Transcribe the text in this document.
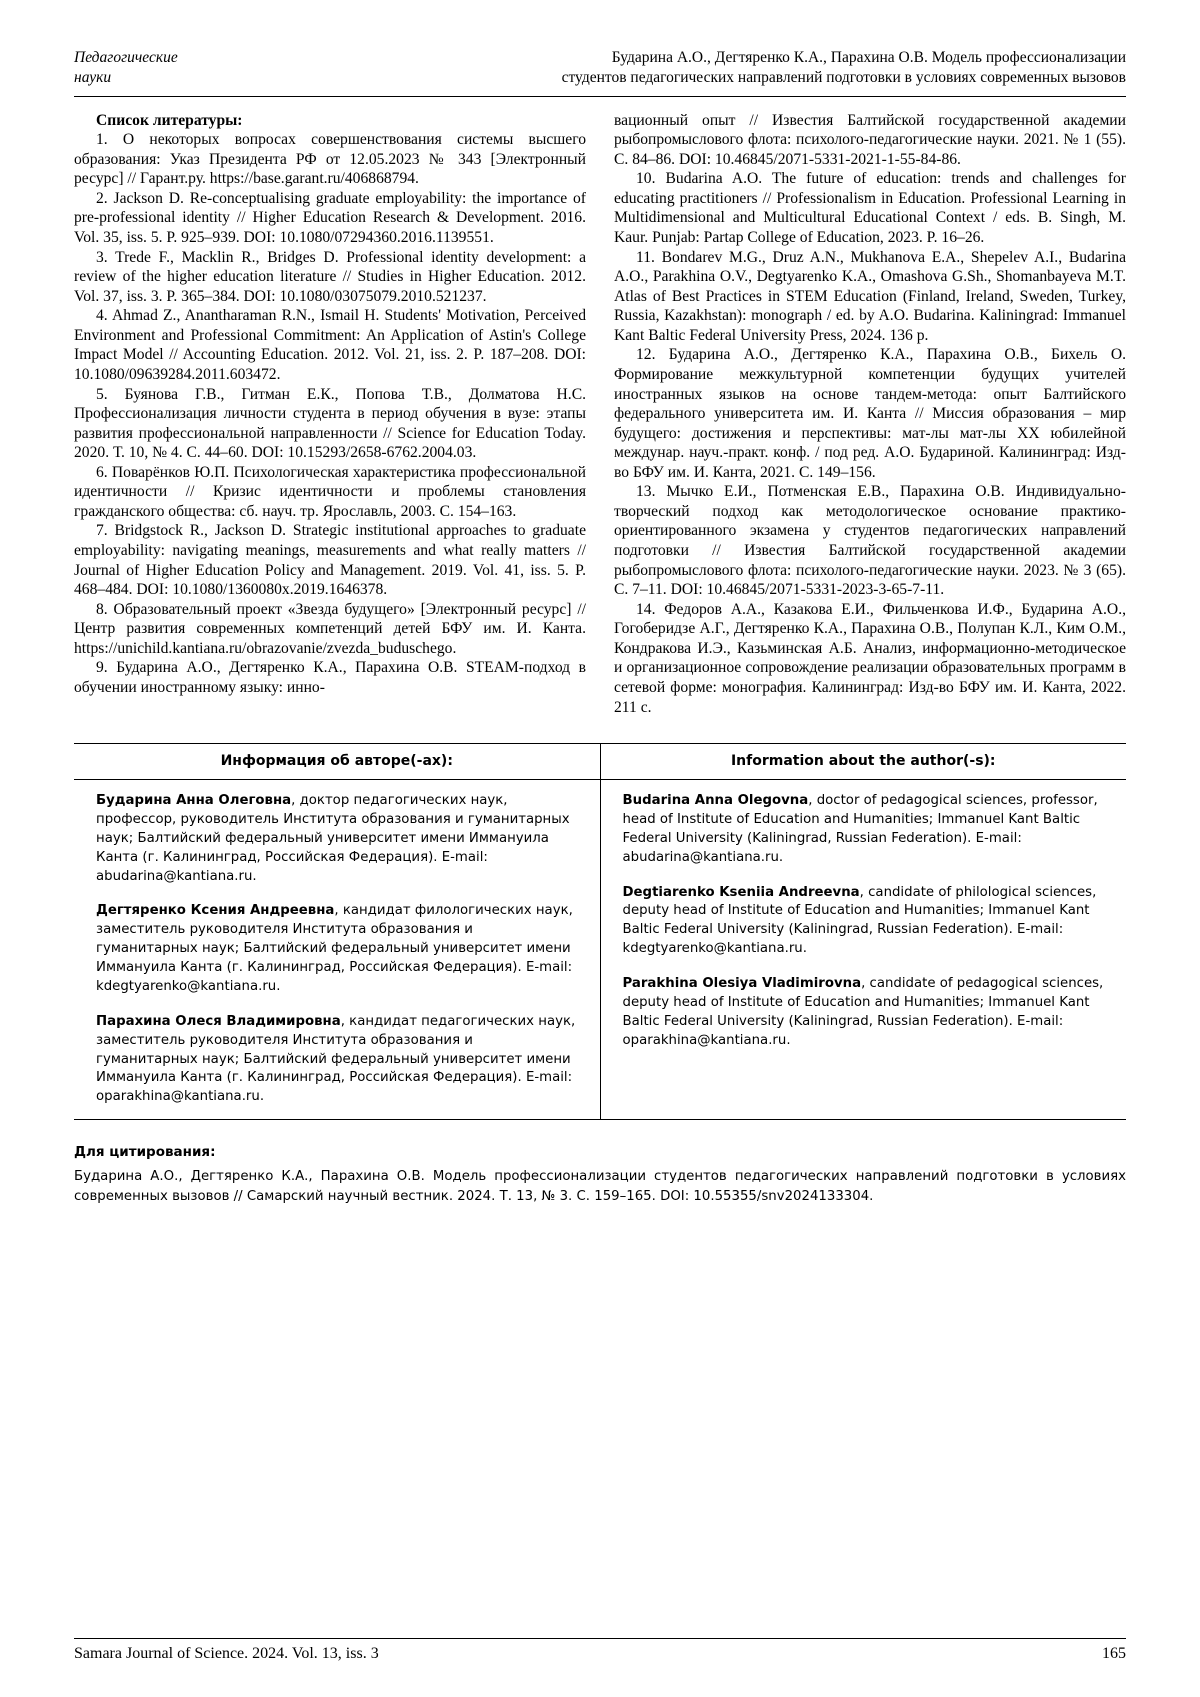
Педагогические
науки
Бударина А.О., Дегтяренко К.А., Парахина О.В. Модель профессионализации
студентов педагогических направлений подготовки в условиях современных вызовов

Список литературы:

1. О некоторых вопросах совершенствования системы высшего образования: Указ Президента РФ от 12.05.2023 № 343 [Электронный ресурс] // Гарант.ру. https://base.garant.ru/406868794.

2. Jackson D. Re-conceptualising graduate employability: the importance of pre-professional identity // Higher Education Research & Development. 2016. Vol. 35, iss. 5. P. 925–939. DOI: 10.1080/07294360.2016.1139551.

3. Trede F., Macklin R., Bridges D. Professional identity development: a review of the higher education literature // Studies in Higher Education. 2012. Vol. 37, iss. 3. P. 365–384. DOI: 10.1080/03075079.2010.521237.

4. Ahmad Z., Anantharaman R.N., Ismail H. Students' Motivation, Perceived Environment and Professional Commitment: An Application of Astin's College Impact Model // Accounting Education. 2012. Vol. 21, iss. 2. P. 187–208. DOI: 10.1080/09639284.2011.603472.

5. Буянова Г.В., Гитман Е.К., Попова Т.В., Долматова Н.С. Профессионализация личности студента в период обучения в вузе: этапы развития профессиональной направленности // Science for Education Today. 2020. Т. 10, № 4. С. 44–60. DOI: 10.15293/2658-6762.2004.03.

6. Поварёнков Ю.П. Психологическая характеристика профессиональной идентичности // Кризис идентичности и проблемы становления гражданского общества: сб. науч. тр. Ярославль, 2003. С. 154–163.

7. Bridgstock R., Jackson D. Strategic institutional approaches to graduate employability: navigating meanings, measurements and what really matters // Journal of Higher Education Policy and Management. 2019. Vol. 41, iss. 5. P. 468–484. DOI: 10.1080/1360080x.2019.1646378.

8. Образовательный проект «Звезда будущего» [Электронный ресурс] // Центр развития современных компетенций детей БФУ им. И. Канта. https://unichild.kantiana.ru/obrazovanie/zvezda_buduschego.

9. Бударина А.О., Дегтяренко К.А., Парахина О.В. STEAM-подход в обучении иностранному языку: инно-

вационный опыт // Известия Балтийской государственной академии рыбопромыслового флота: психолого-педагогические науки. 2021. № 1 (55). С. 84–86. DOI: 10.46845/2071-5331-2021-1-55-84-86.

10. Budarina A.O. The future of education: trends and challenges for educating practitioners // Professionalism in Education. Professional Learning in Multidimensional and Multicultural Educational Context / eds. B. Singh, M. Kaur. Punjab: Partap College of Education, 2023. P. 16–26.

11. Bondarev M.G., Druz A.N., Mukhanova E.A., Shepelev A.I., Budarina A.O., Parakhina O.V., Degtyarenko K.A., Omashova G.Sh., Shomanbayeva M.T. Atlas of Best Practices in STEM Education (Finland, Ireland, Sweden, Turkey, Russia, Kazakhstan): monograph / ed. by A.O. Budarina. Kaliningrad: Immanuel Kant Baltic Federal University Press, 2024. 136 p.

12. Бударина А.О., Дегтяренко К.А., Парахина О.В., Бихель О. Формирование межкультурной компетенции будущих учителей иностранных языков на основе тандем-метода: опыт Балтийского федерального университета им. И. Канта // Миссия образования – мир будущего: достижения и перспективы: мат-лы мат-лы XX юбилейной междунар. науч.-практ. конф. / под ред. А.О. Будариной. Калининград: Изд-во БФУ им. И. Канта, 2021. С. 149–156.

13. Мычко Е.И., Потменская Е.В., Парахина О.В. Индивидуально-творческий подход как методологическое основание практико-ориентированного экзамена у студентов педагогических направлений подготовки // Известия Балтийской государственной академии рыбопромыслового флота: психолого-педагогические науки. 2023. № 3 (65). С. 7–11. DOI: 10.46845/2071-5331-2023-3-65-7-11.

14. Федоров А.А., Казакова Е.И., Фильченкова И.Ф., Бударина А.О., Гогоберидзе А.Г., Дегтяренко К.А., Парахина О.В., Полупан К.Л., Ким О.М., Кондракова И.Э., Казьминская А.Б. Анализ, информационно-методическое и организационное сопровождение реализации образовательных программ в сетевой форме: монография. Калининград: Изд-во БФУ им. И. Канта, 2022. 211 с.

Информация об авторе(-ах):	Information about the author(-s):

Бударина Анна Олеговна, доктор педагогических наук, профессор, руководитель Института образования и гуманитарных наук; Балтийский федеральный университет имени Иммануила Канта (г. Калининград, Российская Федерация). E-mail: abudarina@kantiana.ru.

Дегтяренко Ксения Андреевна, кандидат филологических наук, заместитель руководителя Института образования и гуманитарных наук; Балтийский федеральный университет имени Иммануила Канта (г. Калининград, Российская Федерация). E-mail: kdegtyarenko@kantiana.ru.

Парахина Олеся Владимировна, кандидат педагогических наук, заместитель руководителя Института образования и гуманитарных наук; Балтийский федеральный университет имени Иммануила Канта (г. Калининград, Российская Федерация). E-mail: oparakhina@kantiana.ru.

Budarina Anna Olegovna, doctor of pedagogical sciences, professor, head of Institute of Education and Humanities; Immanuel Kant Baltic Federal University (Kaliningrad, Russian Federation). E-mail: abudarina@kantiana.ru.

Degtiarenko Kseniia Andreevna, candidate of philological sciences, deputy head of Institute of Education and Humanities; Immanuel Kant Baltic Federal University (Kaliningrad, Russian Federation). E-mail: kdegtyarenko@kantiana.ru.

Parakhina Olesiya Vladimirovna, candidate of pedagogical sciences, deputy head of Institute of Education and Humanities; Immanuel Kant Baltic Federal University (Kaliningrad, Russian Federation). E-mail: oparakhina@kantiana.ru.

Для цитирования:

Бударина А.О., Дегтяренко К.А., Парахина О.В. Модель профессионализации студентов педагогических направлений подготовки в условиях современных вызовов // Самарский научный вестник. 2024. Т. 13, № 3. С. 159–165. DOI: 10.55355/snv2024133304.

Samara Journal of Science. 2024. Vol. 13, iss. 3	165
